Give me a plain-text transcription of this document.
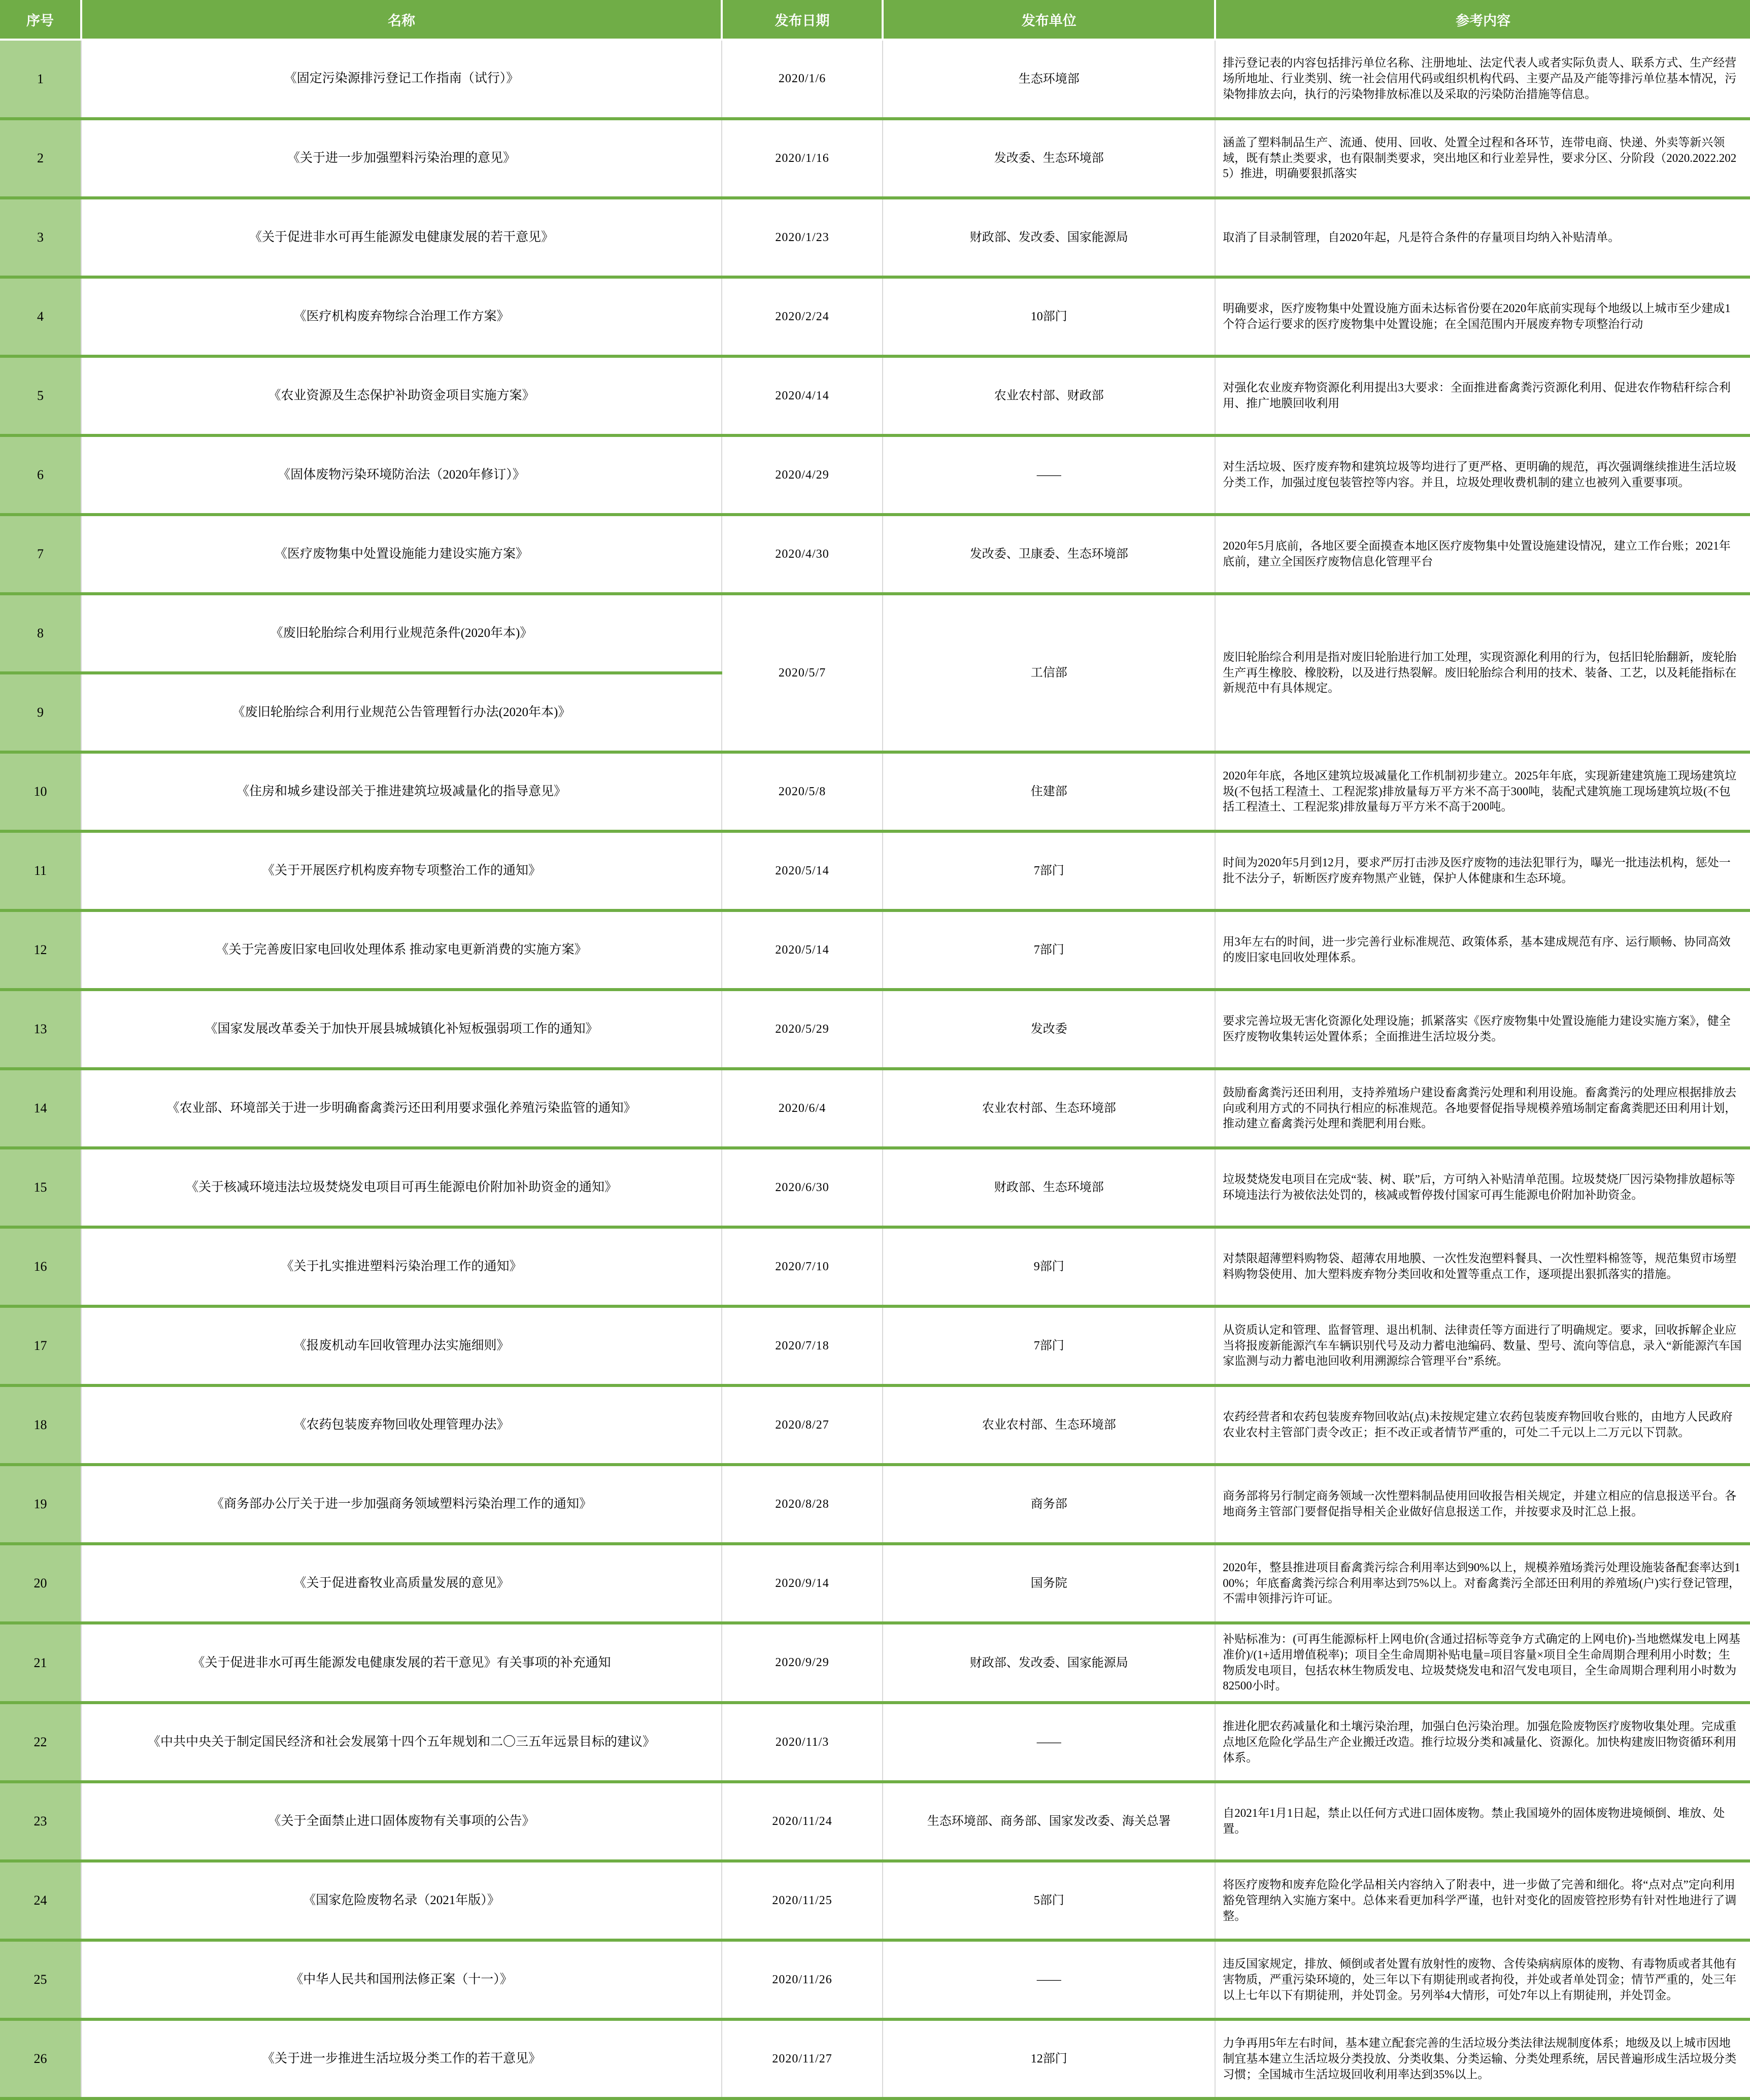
序号	名称	发布日期	发布单位	参考内容
1	《固定污染源排污登记工作指南（试行）》	2020/1/6	生态环境部	排污登记表的内容包括排污单位名称、注册地址、法定代表人或者实际负责人、联系方式、生产经营场所地址、行业类别、统一社会信用代码或组织机构代码、主要产品及产能等排污单位基本情况，污染物排放去向，执行的污染物排放标准以及采取的污染防治措施等信息。
2	《关于进一步加强塑料污染治理的意见》	2020/1/16	发改委、生态环境部	涵盖了塑料制品生产、流通、使用、回收、处置全过程和各环节，连带电商、快递、外卖等新兴领域，既有禁止类要求，也有限制类要求，突出地区和行业差异性，要求分区、分阶段（2020.2022.2025）推进，明确要狠抓落实
3	《关于促进非水可再生能源发电健康发展的若干意见》	2020/1/23	财政部、发改委、国家能源局	取消了目录制管理，自2020年起，凡是符合条件的存量项目均纳入补贴清单。
4	《医疗机构废弃物综合治理工作方案》	2020/2/24	10部门	明确要求，医疗废物集中处置设施方面未达标省份要在2020年底前实现每个地级以上城市至少建成1个符合运行要求的医疗废物集中处置设施；在全国范围内开展废弃物专项整治行动
5	《农业资源及生态保护补助资金项目实施方案》	2020/4/14	农业农村部、财政部	对强化农业废弃物资源化利用提出3大要求：全面推进畜禽粪污资源化利用、促进农作物秸秆综合利用、推广地膜回收利用
6	《固体废物污染环境防治法（2020年修订）》	2020/4/29	——	对生活垃圾、医疗废弃物和建筑垃圾等均进行了更严格、更明确的规范，再次强调继续推进生活垃圾分类工作，加强过度包装管控等内容。并且，垃圾处理收费机制的建立也被列入重要事项。
7	《医疗废物集中处置设施能力建设实施方案》	2020/4/30	发改委、卫康委、生态环境部	2020年5月底前，各地区要全面摸查本地区医疗废物集中处置设施建设情况，建立工作台账；2021年底前，建立全国医疗废物信息化管理平台
8	《废旧轮胎综合利用行业规范条件(2020年本)》	2020/5/7	工信部	废旧轮胎综合利用是指对废旧轮胎进行加工处理，实现资源化利用的行为，包括旧轮胎翻新，废轮胎生产再生橡胶、橡胶粉，以及进行热裂解。废旧轮胎综合利用的技术、装备、工艺，以及耗能指标在新规范中有具体规定。
9	《废旧轮胎综合利用行业规范公告管理暂行办法(2020年本)》			
10	《住房和城乡建设部关于推进建筑垃圾减量化的指导意见》	2020/5/8	住建部	2020年年底，各地区建筑垃圾减量化工作机制初步建立。2025年年底，实现新建建筑施工现场建筑垃圾(不包括工程渣土、工程泥浆)排放量每万平方米不高于300吨，装配式建筑施工现场建筑垃圾(不包括工程渣土、工程泥浆)排放量每万平方米不高于200吨。
11	《关于开展医疗机构废弃物专项整治工作的通知》	2020/5/14	7部门	时间为2020年5月到12月，要求严厉打击涉及医疗废物的违法犯罪行为，曝光一批违法机构，惩处一批不法分子，斩断医疗废弃物黑产业链，保护人体健康和生态环境。
12	《关于完善废旧家电回收处理体系 推动家电更新消费的实施方案》	2020/5/14	7部门	用3年左右的时间，进一步完善行业标准规范、政策体系，基本建成规范有序、运行顺畅、协同高效的废旧家电回收处理体系。
13	《国家发展改革委关于加快开展县城城镇化补短板强弱项工作的通知》	2020/5/29	发改委	要求完善垃圾无害化资源化处理设施；抓紧落实《医疗废物集中处置设施能力建设实施方案》，健全医疗废物收集转运处置体系；全面推进生活垃圾分类。
14	《农业部、环境部关于进一步明确畜禽粪污还田利用要求强化养殖污染监管的通知》	2020/6/4	农业农村部、生态环境部	鼓励畜禽粪污还田利用，支持养殖场户建设畜禽粪污处理和利用设施。畜禽粪污的处理应根据排放去向或利用方式的不同执行相应的标准规范。各地要督促指导规模养殖场制定畜禽粪肥还田利用计划，推动建立畜禽粪污处理和粪肥利用台账。
15	《关于核减环境违法垃圾焚烧发电项目可再生能源电价附加补助资金的通知》	2020/6/30	财政部、生态环境部	垃圾焚烧发电项目在完成“装、树、联”后，方可纳入补贴清单范围。垃圾焚烧厂因污染物排放超标等环境违法行为被依法处罚的，核减或暂停拨付国家可再生能源电价附加补助资金。
16	《关于扎实推进塑料污染治理工作的通知》	2020/7/10	9部门	对禁限超薄塑料购物袋、超薄农用地膜、一次性发泡塑料餐具、一次性塑料棉签等，规范集贸市场塑料购物袋使用、加大塑料废弃物分类回收和处置等重点工作，逐项提出狠抓落实的措施。
17	《报废机动车回收管理办法实施细则》	2020/7/18	7部门	从资质认定和管理、监督管理、退出机制、法律责任等方面进行了明确规定。要求，回收拆解企业应当将报废新能源汽车车辆识别代号及动力蓄电池编码、数量、型号、流向等信息，录入“新能源汽车国家监测与动力蓄电池回收利用溯源综合管理平台”系统。
18	《农药包装废弃物回收处理管理办法》	2020/8/27	农业农村部、生态环境部	农药经营者和农药包装废弃物回收站(点)未按规定建立农药包装废弃物回收台账的，由地方人民政府农业农村主管部门责令改正；拒不改正或者情节严重的，可处二千元以上二万元以下罚款。
19	《商务部办公厅关于进一步加强商务领域塑料污染治理工作的通知》	2020/8/28	商务部	商务部将另行制定商务领域一次性塑料制品使用回收报告相关规定，并建立相应的信息报送平台。各地商务主管部门要督促指导相关企业做好信息报送工作，并按要求及时汇总上报。
20	《关于促进畜牧业高质量发展的意见》	2020/9/14	国务院	2020年，整县推进项目畜禽粪污综合利用率达到90%以上，规模养殖场粪污处理设施装备配套率达到100%；年底畜禽粪污综合利用率达到75%以上。对畜禽粪污全部还田利用的养殖场(户)实行登记管理，不需申领排污许可证。
21	《关于促进非水可再生能源发电健康发展的若干意见》有关事项的补充通知	2020/9/29	财政部、发改委、国家能源局	补贴标准为：(可再生能源标杆上网电价(含通过招标等竞争方式确定的上网电价)-当地燃煤发电上网基准价)/(1+适用增值税率)；项目全生命周期补贴电量=项目容量×项目全生命周期合理利用小时数；生物质发电项目，包括农林生物质发电、垃圾焚烧发电和沼气发电项目，全生命周期合理利用小时数为82500小时。
22	《中共中央关于制定国民经济和社会发展第十四个五年规划和二〇三五年远景目标的建议》	2020/11/3	——	推进化肥农药减量化和土壤污染治理，加强白色污染治理。加强危险废物医疗废物收集处理。完成重点地区危险化学品生产企业搬迁改造。推行垃圾分类和减量化、资源化。加快构建废旧物资循环利用体系。
23	《关于全面禁止进口固体废物有关事项的公告》	2020/11/24	生态环境部、商务部、国家发改委、海关总署	自2021年1月1日起，禁止以任何方式进口固体废物。禁止我国境外的固体废物进境倾倒、堆放、处置。
24	《国家危险废物名录（2021年版）》	2020/11/25	5部门	将医疗废物和废弃危险化学品相关内容纳入了附表中，进一步做了完善和细化。将“点对点”定向利用豁免管理纳入实施方案中。总体来看更加科学严谨，也针对变化的固废管控形势有针对性地进行了调整。
25	《中华人民共和国刑法修正案（十一）》	2020/11/26	——	违反国家规定，排放、倾倒或者处置有放射性的废物、含传染病病原体的废物、有毒物质或者其他有害物质，严重污染环境的，处三年以下有期徒刑或者拘役，并处或者单处罚金；情节严重的，处三年以上七年以下有期徒刑，并处罚金。另列举4大情形，可处7年以上有期徒刑，并处罚金。
26	《关于进一步推进生活垃圾分类工作的若干意见》	2020/11/27	12部门	力争再用5年左右时间，基本建立配套完善的生活垃圾分类法律法规制度体系；地级及以上城市因地制宜基本建立生活垃圾分类投放、分类收集、分类运输、分类处理系统，居民普遍形成生活垃圾分类习惯；全国城市生活垃圾回收利用率达到35%以上。
